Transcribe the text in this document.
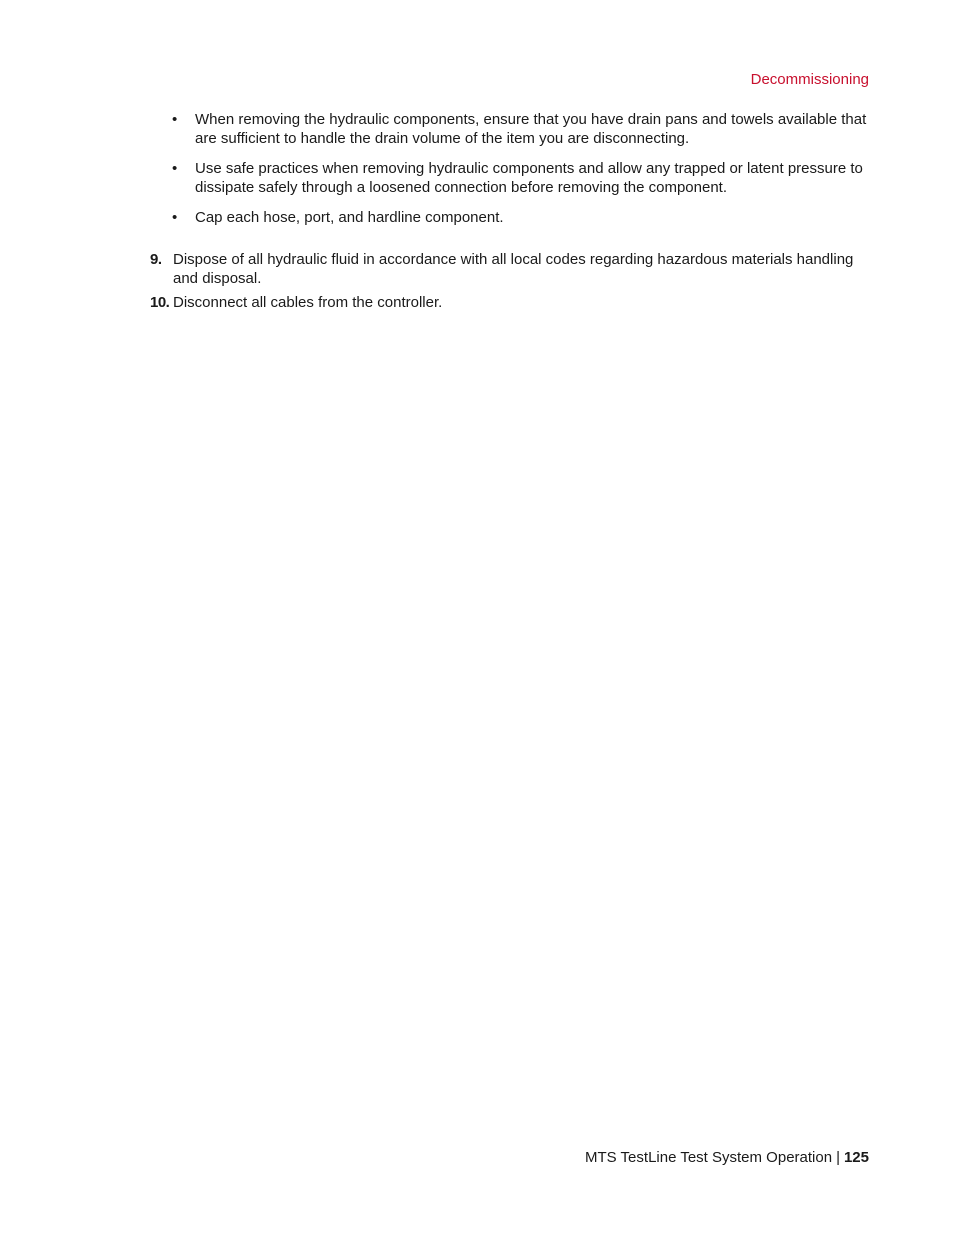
Decommissioning
•	When removing the hydraulic components, ensure that you have drain pans and towels available that are sufficient to handle the drain volume of the item you are disconnecting.
•	Use safe practices when removing hydraulic components and allow any trapped or latent pressure to dissipate safely through a loosened connection before removing the component.
•	Cap each hose, port, and hardline component.
9. Dispose of all hydraulic fluid in accordance with all local codes regarding hazardous materials handling and disposal.
10. Disconnect all cables from the controller.
MTS TestLine Test System Operation | 125
